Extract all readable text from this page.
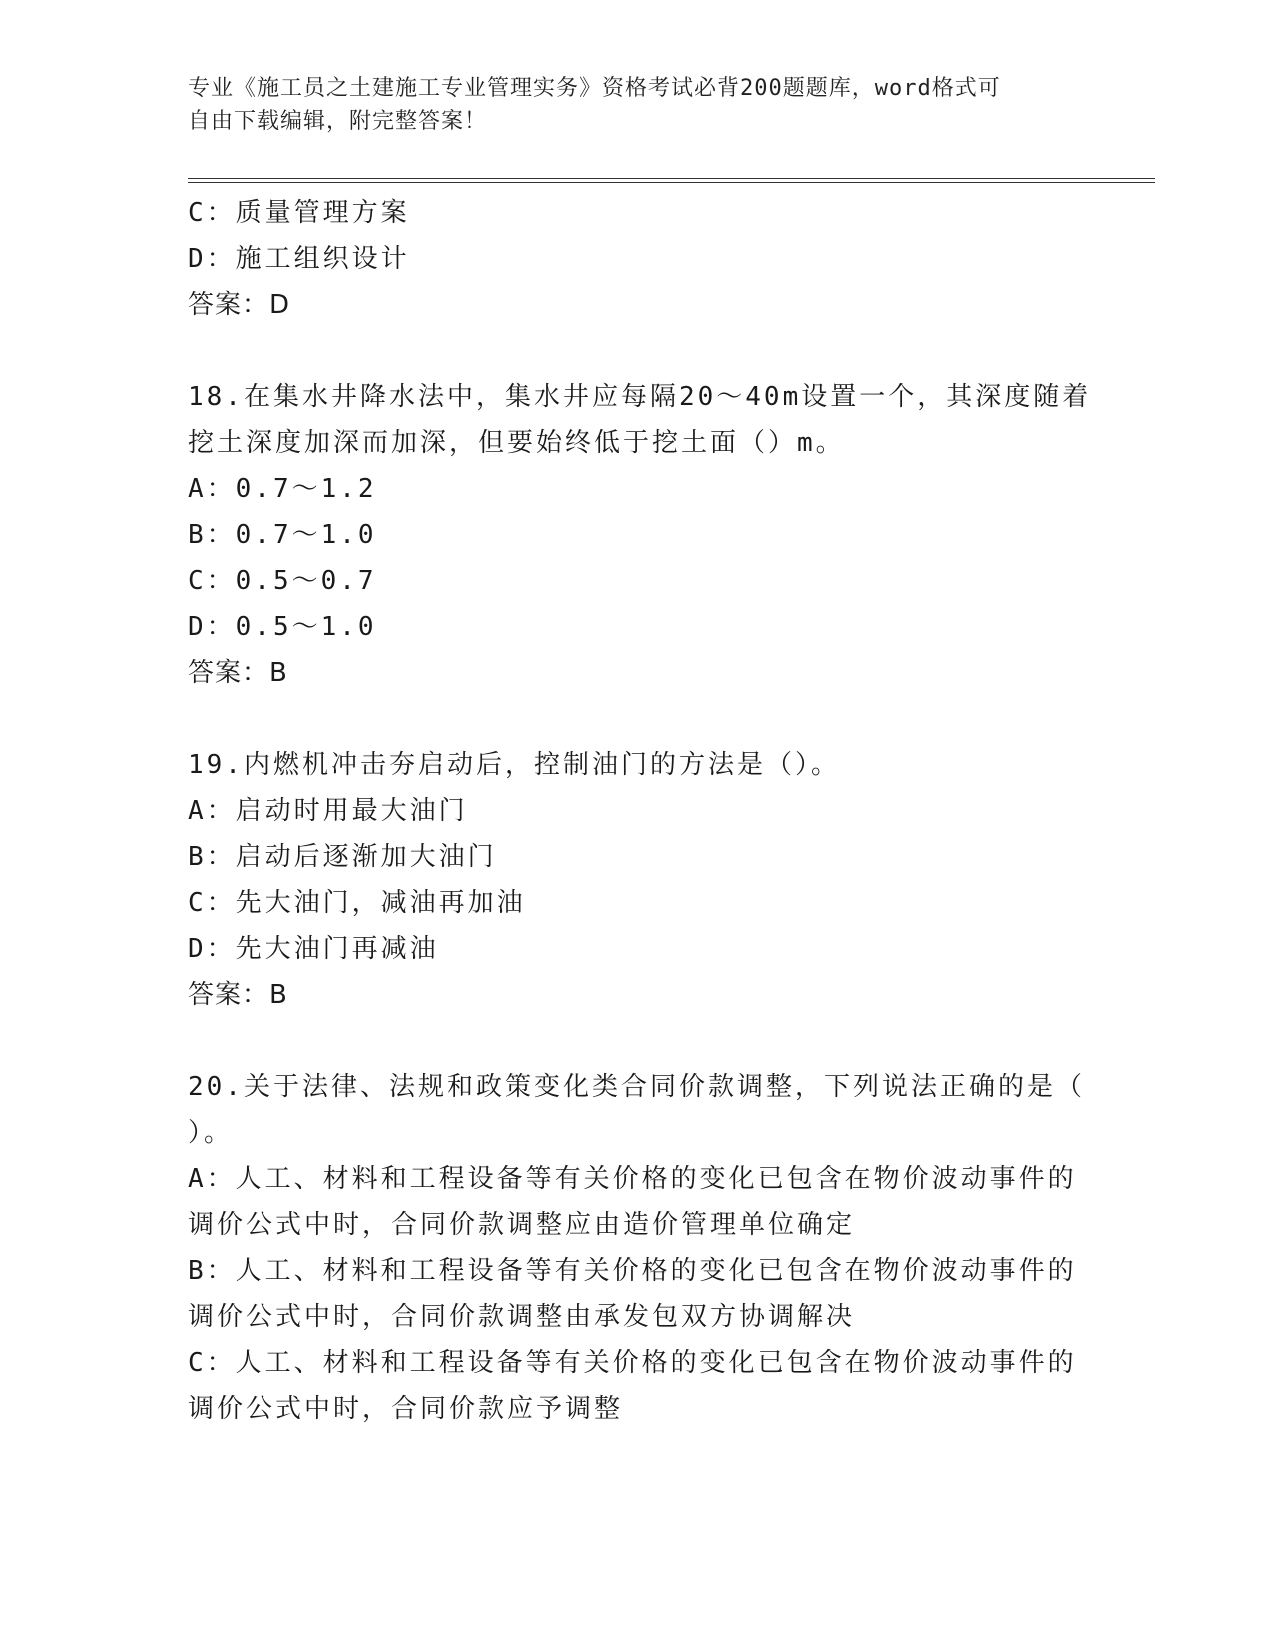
专业《施工员之土建施工专业管理实务》资格考试必背200题题库，word格式可
自由下载编辑，附完整答案！
C：质量管理方案
D：施工组织设计
答案：D
18.在集水井降水法中，集水井应每隔20～40m设置一个，其深度随着
挖土深度加深而加深，但要始终低于挖土面（）m。
A：0.7～1.2
B：0.7～1.0
C：0.5～0.7
D：0.5～1.0
答案：B
19.内燃机冲击夯启动后，控制油门的方法是（）。
A：启动时用最大油门
B：启动后逐渐加大油门
C：先大油门，减油再加油
D：先大油门再减油
答案：B
20.关于法律、法规和政策变化类合同价款调整，下列说法正确的是（
）。
A：人工、材料和工程设备等有关价格的变化已包含在物价波动事件的
调价公式中时，合同价款调整应由造价管理单位确定
B：人工、材料和工程设备等有关价格的变化已包含在物价波动事件的
调价公式中时，合同价款调整由承发包双方协调解决
C：人工、材料和工程设备等有关价格的变化已包含在物价波动事件的
调价公式中时，合同价款应予调整
